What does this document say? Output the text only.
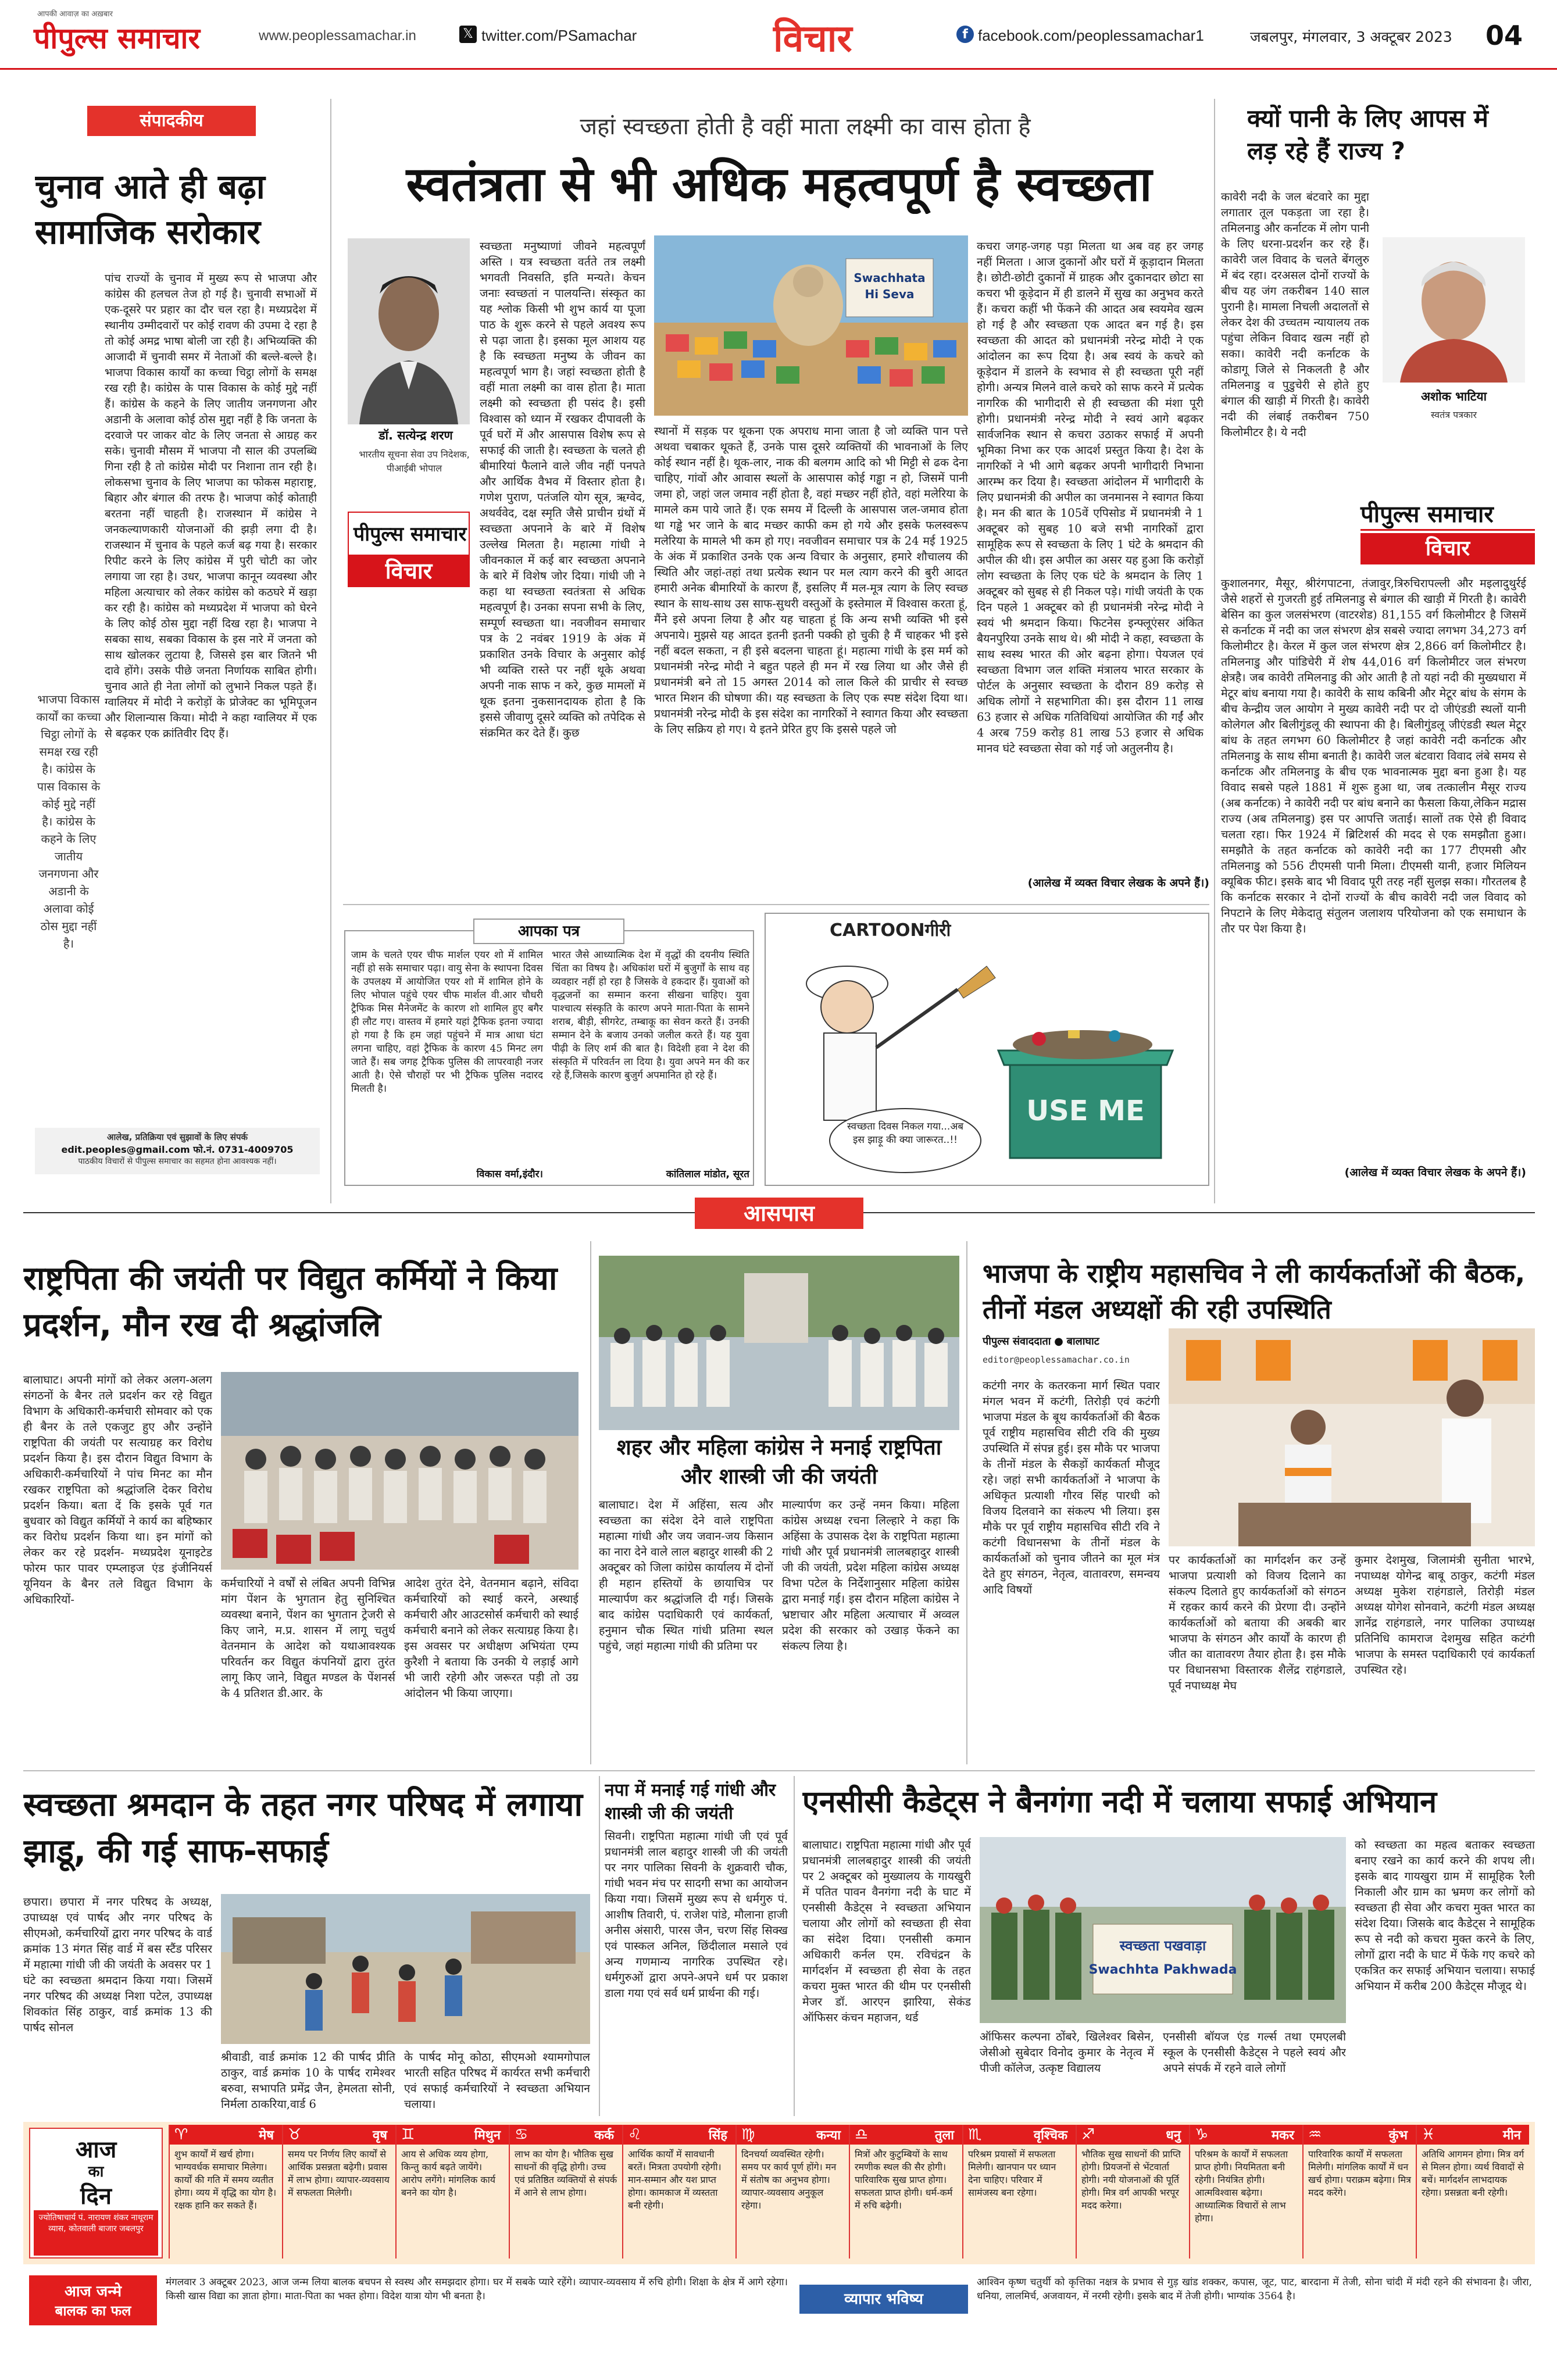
आपकी आवाज़ का अख़बार
पीपुल्स समाचार	www.peoplessamachar.in	𝕏 twitter.com/PSamachar	विचार	f facebook.com/peoplessamachar1	जबलपुर, मंगलवार, 3 अक्टूबर 2023 04
संपादकीय
चुनाव आते ही बढ़ा सामाजिक सरोकार
पांच राज्यों के चुनाव में मुख्य रूप से भाजपा और कांग्रेस की हलचल तेज हो गई है। चुनावी सभाओं में एक-दूसरे पर प्रहार का दौर चल रहा है। मध्यप्रदेश में स्थानीय उम्मीदवारों पर कोई रावण की उपमा दे रहा है तो कोई अमद्र भाषा बोली जा रही है। अभिव्यक्ति की आजादी में चुनावी समर में नेताओं की बल्ले-बल्ले है। भाजपा विकास कार्यों का कच्चा चिट्ठा लोगों के समक्ष रख रही है। कांग्रेस के पास विकास के कोई मुद्दे नहीं हैं। कांग्रेस के कहने के लिए जातीय जनगणना और अडानी के अलावा कोई ठोस मुद्दा नहीं है कि जनता के दरवाजे पर जाकर वोट के लिए जनता से आग्रह कर सके। चुनावी मौसम में भाजपा नौ साल की उपलब्धि गिना रही है तो कांग्रेस मोदी पर निशाना तान रही है। लोकसभा चुनाव के लिए भाजपा का फोकस महाराष्ट्र, बिहार और बंगाल की तरफ है। भाजपा कोई कोताही बरतना नहीं चाहती है। राजस्थान में कांग्रेस ने जनकल्याणकारी योजनाओं की झड़ी लगा दी है। राजस्थान में चुनाव के पहले कर्ज बढ़ गया है। सरकार रिपीट करने के लिए कांग्रेस में पुरी चोटी का जोर लगाया जा रहा है। उधर, भाजपा कानून व्यवस्था और महिला अत्याचार को लेकर कांग्रेस को कठघरे में खड़ा कर रही है। कांग्रेस को मध्यप्रदेश में भाजपा को घेरने के लिए कोई ठोस मुद्दा नहीं दिख रहा है। भाजपा ने सबका साथ, सबका विकास के इस नारे में जनता को साथ खोलकर लुटाया है, जिससे इस बार जितने भी दावे होंगे। उसके पीछे जनता निर्णायक साबित होगी। चुनाव आते ही नेता लोगों को लुभाने निकल पड़ते हैं। ग्वालियर में मोदी ने करोड़ों के प्रोजेक्ट का भूमिपूजन और शिलान्यास किया। मोदी ने कहा ग्वालियर में एक से बढ़कर एक क्रांतिवीर दिए हैं।
भाजपा विकास कार्यों का कच्चा चिट्ठा लोगों के समक्ष रख रही है। कांग्रेस के पास विकास के कोई मुद्दे नहीं है। कांग्रेस के कहने के लिए जातीय जनगणना और अडानी के अलावा कोई ठोस मुद्दा नहीं है।
आलेख, प्रतिक्रिया एवं सुझावों के लिए संपर्क
edit.peoples@gmail.com फो.नं. 0731-4009705
पाठकीय विचारों से पीपुल्स समाचार का सहमत होना आवश्यक नहीं।
जहां स्वच्छता होती है वहीं माता लक्ष्मी का वास होता है
स्वतंत्रता से भी अधिक महत्वपूर्ण है स्वच्छता
डॉ. सत्येन्द्र शरण
भारतीय सूचना सेवा उप निदेशक, पीआईबी भोपाल
स्वच्छता मनुष्याणां जीवने महत्वपूर्णं अस्ति । यत्र स्वच्छता वर्तते तत्र लक्ष्मी भगवती निवसति, इति मन्यते। केचन जनाः स्वच्छतां न पालयन्ति। संस्कृत का यह श्लोक किसी भी शुभ कार्य या पूजा पाठ के शुरू करने से पहले अवश्य रूप से पढ़ा जाता है। इसका मूल आशय यह है कि स्वच्छता मनुष्य के जीवन का महत्वपूर्ण भाग है। जहां स्वच्छता होती है वहीं माता लक्ष्मी का वास होता है। माता लक्ष्मी को स्वच्छता ही पसंद है। इसी विश्वास को ध्यान में रखकर दीपावली के पूर्व घरों में और आसपास विशेष रूप से सफाई की जाती है। स्वच्छता के चलते ही बीमारियां फैलाने वाले जीव नहीं पनपते और आर्थिक वैभव में विस्तार होता है। गणेश पुराण, पतंजलि योग सूत्र, ऋग्वेद, अथर्ववेद, दक्ष स्मृति जैसे प्राचीन ग्रंथों में स्वच्छता अपनाने के बारे में विशेष उल्लेख मिलता है। महात्मा गांधी ने जीवनकाल में कई बार स्वच्छता अपनाने के बारे में विशेष जोर दिया। गांधी जी ने कहा था स्वच्छता स्वतंत्रता से अधिक महत्वपूर्ण है। उनका सपना सभी के लिए, सम्पूर्ण स्वच्छता था। नवजीवन समाचार पत्र के 2 नवंबर 1919 के अंक में प्रकाशित उनके विचार के अनुसार कोई भी व्यक्ति रास्ते पर नहीं थूके अथवा अपनी नाक साफ न करे, कुछ मामलों में थूक इतना नुकसानदायक होता है कि इससे जीवाणु दूसरे व्यक्ति को तपेदिक से संक्रमित कर देते हैं। कुछ
पीपुल्स समाचार
विचार
Swachhata
Hi Seva
स्थानों में सड़क पर थूकना एक अपराध माना जाता है जो व्यक्ति पान पत्ते अथवा चबाकर थूकते हैं, उनके पास दूसरे व्यक्तियों की भावनाओं के लिए कोई स्थान नहीं है। थूक-लार, नाक की बलगम आदि को भी मिट्टी से ढक देना चाहिए, गांवों और आवास स्थलों के आसपास कोई गड्ढा न हो, जिसमें पानी जमा हो, जहां जल जमाव नहीं होता है, वहां मच्छर नहीं होते, वहां मलेरिया के मामले कम पाये जाते हैं। एक समय में दिल्ली के आसपास जल-जमाव होता था गड्ढे भर जाने के बाद मच्छर काफी कम हो गये और इसके फलस्वरूप मलेरिया के मामले भी कम हो गए। नवजीवन समाचार पत्र के 24 मई 1925 के अंक में प्रकाशित उनके एक अन्य विचार के अनुसार, हमारे शौचालय की स्थिति और जहां-तहां तथा प्रत्येक स्थान पर मल त्याग करने की बुरी आदत हमारी अनेक बीमारियों के कारण हैं, इसलिए मैं मल-मूत्र त्याग के लिए स्वच्छ स्थान के साथ-साथ उस साफ-सुथरी वस्तुओं के इस्तेमाल में विश्वास करता हूं, मैंने इसे अपना लिया है और यह चाहता हूं कि अन्य सभी व्यक्ति भी इसे अपनाये। मुझसे यह आदत इतनी इतनी पक्की हो चुकी है मैं चाहकर भी इसे नहीं बदल सकता, न ही इसे बदलना चाहता हूं। महात्मा गांधी के इस मर्म को प्रधानमंत्री नरेन्द्र मोदी ने बहुत पहले ही मन में रख लिया था और जैसे ही प्रधानमंत्री बने तो 15 अगस्त 2014 को लाल किले की प्राचीर से स्वच्छ भारत मिशन की घोषणा की। यह स्वच्छता के लिए एक स्पष्ट संदेश दिया था। प्रधानमंत्री नरेन्द्र मोदी के इस संदेश का नागरिकों ने स्वागत किया और स्वच्छता के लिए सक्रिय हो गए। ये इतने प्रेरित हुए कि इससे पहले जो
कचरा जगह-जगह पड़ा मिलता था अब वह हर जगह नहीं मिलता । आज दुकानों और घरों में कूड़ादान मिलता है। छोटी-छोटी दुकानों में ग्राहक और दुकानदार छोटा सा कचरा भी कूड़ेदान में ही डालने में सुख का अनुभव करते हैं। कचरा कहीं भी फेंकने की आदत अब स्वयमेव खत्म हो गई है और स्वच्छता एक आदत बन गई है। इस स्वच्छता की आदत को प्रधानमंत्री नरेन्द्र मोदी ने एक आंदोलन का रूप दिया है। अब स्वयं के कचरे को कूड़ेदान में डालने के स्वभाव से ही स्वच्छता पूरी नहीं होगी। अन्यत्र मिलने वाले कचरे को साफ करने में प्रत्येक नागरिक की भागीदारी से ही स्वच्छता की मंशा पूरी होगी। प्रधानमंत्री नरेन्द्र मोदी ने स्वयं आगे बढ़कर सार्वजनिक स्थान से कचरा उठाकर सफाई में अपनी भूमिका निभा कर एक आदर्श प्रस्तुत किया है। देश के नागरिकों ने भी आगे बढ़कर अपनी भागीदारी निभाना आरम्भ कर दिया है। स्वच्छता आंदोलन में भागीदारी के लिए प्रधानमंत्री की अपील का जनमानस ने स्वागत किया है। मन की बात के 105वें एपिसोड में प्रधानमंत्री ने 1 अक्टूबर को सुबह 10 बजे सभी नागरिकों द्वारा सामूहिक रूप से स्वच्छता के लिए 1 घंटे के श्रमदान की अपील की थी। इस अपील का असर यह हुआ कि करोड़ों लोग स्वच्छता के लिए एक घंटे के श्रमदान के लिए 1 अक्टूबर को सुबह से ही निकल पड़े। गांधी जयंती के एक दिन पहले 1 अक्टूबर को ही प्रधानमंत्री नरेन्द्र मोदी ने स्वयं भी श्रमदान किया। फिटनेस इन्फ्लूएंसर अंकित बैयनपुरिया उनके साथ थे। श्री मोदी ने कहा, स्वच्छता के साथ स्वस्थ भारत की ओर बढ़ना होगा। पेयजल एवं स्वच्छता विभाग जल शक्ति मंत्रालय भारत सरकार के पोर्टल के अनुसार स्वच्छता के दौरान 89 करोड़ से अधिक लोगों ने सहभागिता की। इस दौरान 11 लाख 63 हजार से अधिक गतिविधियां आयोजित की गईं और 4 अरब 759 करोड़ 81 लाख 53 हजार से अधिक मानव घंटे स्वच्छता सेवा को गई जो अतुलनीय है।
(आलेख में व्यक्त विचार लेखक के अपने हैं।)
क्यों पानी के लिए आपस में लड़ रहे हैं राज्य ?
कावेरी नदी के जल बंटवारे का मुद्दा लगातार तूल पकड़ता जा रहा है। तमिलनाडु और कर्नाटक में लोग पानी के लिए धरना-प्रदर्शन कर रहे हैं। कावेरी जल विवाद के चलते बेंगलुरु में बंद रहा। दरअसल दोनों राज्यों के बीच यह जंग तकरीबन 140 साल पुरानी है। मामला निचली अदालतों से लेकर देश की उच्चतम न्यायालय तक पहुंचा लेकिन विवाद खत्म नहीं हो सका। कावेरी नदी कर्नाटक के कोडागू जिले से निकलती है और तमिलनाडु व पुडुचेरी से होते हुए बंगाल की खाड़ी में गिरती है। कावेरी नदी की लंबाई तकरीबन 750 किलोमीटर है। ये नदी
अशोक भाटिया
स्वतंत्र पत्रकार
पीपुल्स समाचार
विचार
कुशालनगर, मैसूर, श्रीरंगपाटना, तंजावुर,त्रिरुचिरापल्ली और मइलादुथुर्रई जैसे शहरों से गुजरती हुई तमिलनाडु से बंगाल की खाड़ी में गिरती है। कावेरी बेसिन का कुल जलसंभरण (वाटरशेड) 81,155 वर्ग किलोमीटर है जिसमें से कर्नाटक में नदी का जल संभरण क्षेत्र सबसे ज्यादा लगभग 34,273 वर्ग किलोमीटर है। केरल में कुल जल संभरण क्षेत्र 2,866 वर्ग किलोमीटर है। तमिलनाडु और पांडिचेरी में शेष 44,016 वर्ग किलोमीटर जल संभरण क्षेत्रहै। जब कावेरी तमिलनाडु की ओर आती है तो यहां नदी की मुख्यधारा में मेटूर बांध बनाया गया है। कावेरी के साथ कबिनी और मेटूर बांध के संगम के बीच केन्द्रीय जल आयोग ने मुख्य कावेरी नदी पर दो जीएंडडी स्थलों यानी कोलेगल और बिलीगुंडलू की स्थापना की है। बिलीगुंडलू जीएंडडी स्थल मेटूर बांध के तहत लगभग 60 किलोमीटर है जहां कावेरी नदी कर्नाटक और तमिलनाडु के साथ सीमा बनाती है। कावेरी जल बंटवारा विवाद लंबे समय से कर्नाटक और तमिलनाडु के बीच एक भावनात्मक मुद्दा बना हुआ है। यह विवाद सबसे पहले 1881 में शुरू हुआ था, जब तत्कालीन मैसूर राज्य (अब कर्नाटक) ने कावेरी नदी पर बांध बनाने का फैसला किया,लेकिन मद्रास राज्य (अब तमिलनाडु) इस पर आपत्ति जताई। सालों तक ऐसे ही विवाद चलता रहा। फिर 1924 में ब्रिटिशर्स की मदद से एक समझौता हुआ। समझौते के तहत कर्नाटक को कावेरी नदी का 177 टीएमसी और तमिलनाडु को 556 टीएमसी पानी मिला। टीएमसी यानी, हजार मिलियन क्यूबिक फीट। इसके बाद भी विवाद पूरी तरह नहीं सुलझ सका। गौरतलब है कि कर्नाटक सरकार ने दोनों राज्यों के बीच कावेरी नदी जल विवाद को निपटाने के लिए मेकेदातु संतुलन जलाशय परियोजना को एक समाधान के तौर पर पेश किया है।
(आलेख में व्यक्त विचार लेखक के अपने हैं।)
आपका पत्र
जाम के चलते एयर चीफ मार्शल एयर शो में शामिल नहीं हो सके समाचार पढ़ा। वायु सेना के स्थापना दिवस के उपलक्ष्य में आयोजित एयर शो में शामिल होने के लिए भोपाल पहुंचे एयर चीफ मार्शल वी.आर चौधरी ट्रैफिक मिस मैनेजमेंट के कारण शो शामिल हुए बगैर ही लौट गए। वास्तव में हमारे यहां ट्रैफिक इतना ज्यादा हो गया है कि हम जहां पहुंचने में मात्र आधा घंटा लगना चाहिए, वहां ट्रैफिक के कारण 45 मिनट लग जाते हैं। सब जगह ट्रैफिक पुलिस की लापरवाही नजर आती है। ऐसे चौराहों पर भी ट्रैफिक पुलिस नदारद मिलती है।
विकास वर्मा,इंदौर।
भारत जैसे आध्यात्मिक देश में वृद्धों की दयनीय स्थिति चिंता का विषय है। अधिकांश घरों में बुजुर्गों के साथ वह व्यवहार नहीं हो रहा है जिसके वे हकदार हैं। युवाओं को वृद्धजनों का सम्मान करना सीखना चाहिए। युवा पाश्चात्य संस्कृति के कारण अपने माता-पिता के सामने शराब, बीड़ी, सीगरेट, तम्बाकू का सेवन करते हैं। उनकी सम्मान देने के बजाय उनको जलील करते हैं। यह युवा पीढ़ी के लिए शर्म की बात है। विदेशी हवा ने देश की संस्कृति में परिवर्तन ला दिया है। युवा अपने मन की कर रहे हैं,जिसके कारण बुजुर्ग अपमानित हो रहे हैं।
कांतिलाल मांडोत, सूरत
CARTOONगीरी
USE ME
स्वच्छता दिवस निकल गया...अब इस झाड़ू की क्या जारूरत..!!
आसपास
राष्ट्रपिता की जयंती पर विद्युत कर्मियों ने किया प्रदर्शन, मौन रख दी श्रद्धांजलि
बालाघाट। अपनी मांगों को लेकर अलग-अलग संगठनों के बैनर तले प्रदर्शन कर रहे विद्युत विभाग के अधिकारी-कर्मचारी सोमवार को एक ही बैनर के तले एकजुट हुए और उन्होंने राष्ट्रपिता की जयंती पर सत्याग्रह कर विरोध प्रदर्शन किया है। इस दौरान विद्युत विभाग के अधिकारी-कर्मचारियों ने पांच मिनट का मौन रखकर राष्ट्रपिता को श्रद्धांजलि देकर विरोध प्रदर्शन किया। बता दें कि इसके पूर्व गत बुधवार को विद्युत कर्मियों ने कार्य का बहिष्कार कर विरोध प्रदर्शन किया था। इन मांगों को लेकर कर रहे प्रदर्शन- मध्यप्रदेश यूनाइटेड फोरम फार पावर एम्प्लाइज एंड इंजीनियर्स यूनियन के बैनर तले विद्युत विभाग के अधिकारियों-
कर्मचारियों ने वर्षों से लंबित अपनी विभिन्न मांग पेंशन के भुगतान हेतु सुनिश्चित व्यवस्था बनाने, पेंशन का भुगतान ट्रेजरी से किए जाने, म.प्र. शासन में लागू चतुर्थ वेतनमान के आदेश को यथाआवश्यक परिवर्तन कर विद्युत कंपनियों द्वारा तुरंत लागू किए जाने, विद्युत मण्डल के पेंशनर्स के 4 प्रतिशत डी.आर. के
आदेश तुरंत देने, वेतनमान बढ़ाने, संविदा कर्मचारियों को स्थाई करने, अस्थाई कर्मचारी और आउटसोर्स कर्मचारी को स्थाई कर्मचारी बनाने को लेकर सत्याग्रह किया है। इस अवसर पर अधीक्षण अभियंता एम्प कुरैशी ने बताया कि उनकी ये लड़ाई आगे भी जारी रहेगी और जरूरत पड़ी तो उग्र आंदोलन भी किया जाएगा।
शहर और महिला कांग्रेस ने मनाई राष्ट्रपिता और शास्त्री जी की जयंती
बालाघाट। देश में अहिंसा, सत्य और स्वच्छता का संदेश देने वाले राष्ट्रपिता महात्मा गांधी और जय जवान-जय किसान का नारा देने वाले लाल बहादुर शास्त्री की 2 अक्टूबर को जिला कांग्रेस कार्यालय में दोनों ही महान हस्तियों के छायाचित्र पर माल्यार्पण कर श्रद्धांजलि दी गई। जिसके बाद कांग्रेस पदाधिकारी एवं कार्यकर्ता, हनुमान चौक स्थित गांधी प्रतिमा स्थल पहुंचे, जहां महात्मा गांधी की प्रतिमा पर
माल्यार्पण कर उन्हें नमन किया। महिला कांग्रेस अध्यक्ष रचना लिल्हारे ने कहा कि अहिंसा के उपासक देश के राष्ट्रपिता महात्मा गांधी और पूर्व प्रधानमंत्री लालबहादुर शास्त्री जी की जयंती, प्रदेश महिला कांग्रेस अध्यक्ष विभा पटेल के निर्देशानुसार महिला कांग्रेस द्वारा मनाई गई। इस दौरान महिला कांग्रेस ने भ्रष्टाचार और महिला अत्याचार में अव्वल प्रदेश की सरकार को उखाड़ फेंकने का संकल्प लिया है।
भाजपा के राष्ट्रीय महासचिव ने ली कार्यकर्ताओं की बैठक, तीनों मंडल अध्यक्षों की रही उपस्थिति
पीपुल्स संवाददाता ● बालाघाट
editor@peoplessamachar.co.in
कटंगी नगर के कतरकना मार्ग स्थित पवार मंगल भवन में कटंगी, तिरोड़ी एवं कटंगी भाजपा मंडल के बूथ कार्यकर्ताओं की बैठक पूर्व राष्ट्रीय महासचिव सीटी रवि की मुख्य उपस्थिति में संपन्न हुई। इस मौके पर भाजपा के तीनों मंडल के सैकड़ों कार्यकर्ता मौजूद रहे। जहां सभी कार्यकर्ताओं ने भाजपा के अधिकृत प्रत्याशी गौरव सिंह पारधी को विजय दिलवाने का संकल्प भी लिया। इस मौके पर पूर्व राष्ट्रीय महासचिव सीटी रवि ने कटंगी विधानसभा के तीनों मंडल के कार्यकर्ताओं को चुनाव जीतने का मूल मंत्र देते हुए संगठन, नेतृत्व, वातावरण, समन्वय आदि विषयों
पर कार्यकर्ताओं का मार्गदर्शन कर उन्हें भाजपा प्रत्याशी को विजय दिलाने का संकल्प दिलाते हुए कार्यकर्ताओं को संगठन में रहकर कार्य करने की प्रेरणा दी। उन्होंने कार्यकर्ताओं को बताया की अबकी बार भाजपा के संगठन और कार्यों के कारण ही जीत का वातावरण तैयार होता है। इस मौके पर विधानसभा विस्तारक शैलेंद्र राहंगडाले, पूर्व नपाध्यक्ष मेघ
कुमार देशमुख, जिलामंत्री सुनीता भारभे, नपाध्यक्ष योगेन्द्र बाबू ठाकुर, कटंगी मंडल अध्यक्ष मुकेश राहंगडाले, तिरोड़ी मंडल अध्यक्ष योगेश सोनवाने, कटंगी मंडल अध्यक्ष ज्ञानेंद्र राहंगडाले, नगर पालिका उपाध्यक्ष प्रतिनिधि कामराज देशमुख सहित कटंगी भाजपा के समस्त पदाधिकारी एवं कार्यकर्ता उपस्थित रहे।
स्वच्छता श्रमदान के तहत नगर परिषद में लगाया झाडू, की गई साफ-सफाई
छपारा। छपारा में नगर परिषद के अध्यक्ष, उपाध्यक्ष एवं पार्षद और नगर परिषद के सीएमओ, कर्मचारियों द्वारा नगर परिषद के वार्ड क्रमांक 13 मंगत सिंह वार्ड में बस स्टैंड परिसर में महात्मा गांधी जी की जयंती के अवसर पर 1 घंटे का स्वच्छता श्रमदान किया गया। जिसमें नगर परिषद की अध्यक्ष निशा पटेल, उपाध्यक्ष शिवकांत सिंह ठाकुर, वार्ड क्रमांक 13 की पार्षद सोनल
श्रीवाडी, वार्ड क्रमांक 12 की पार्षद प्रीति ठाकुर, वार्ड क्रमांक 10 के पार्षद रामेश्वर बरुवा, सभापति प्रमेंद्र जैन, हेमलता सोनी, निर्मला ठाकरिया,वार्ड 6
के पार्षद मोनू कोठा, सीएमओ श्यामगोपाल भारती सहित परिषद में कार्यरत सभी कर्मचारी एवं सफाई कर्मचारियों ने स्वच्छता अभियान चलाया।
नपा में मनाई गई गांधी और शास्त्री जी की जयंती
सिवनी। राष्ट्रपिता महात्मा गांधी जी एवं पूर्व प्रधानमंत्री लाल बहादुर शास्त्री जी की जयंती पर नगर पालिका सिवनी के शुक्रवारी चौक, गांधी भवन मंच पर सादगी सभा का आयोजन किया गया। जिसमें मुख्य रूप से धर्मगुरु पं. आशीष तिवारी, पं. राजेश पांडे, मौलाना हाजी अनीस अंसारी, पारस जैन, चरण सिंह सिक्ख एवं पास्कल अनिल, छिंदीलाल मसाले एवं अन्य गणमान्य नागरिक उपस्थित रहे। धर्मगुरुओं द्वारा अपने-अपने धर्म पर प्रकाश डाला गया एवं सर्व धर्म प्रार्थना की गई।
एनसीसी कैडेट्स ने बैनगंगा नदी में चलाया सफाई अभियान
बालाघाट। राष्ट्रपिता महात्मा गांधी और पूर्व प्रधानमंत्री लालबहादुर शास्त्री की जयंती पर 2 अक्टूबर को मुख्यालय के गायखुरी में पतित पावन वैनगंगा नदी के घाट में एनसीसी कैडेट्स ने स्वच्छता अभियान चलाया और लोगों को स्वच्छता ही सेवा का संदेश दिया। एनसीसी कमान अधिकारी कर्नल एम. रविचंद्रन के मार्गदर्शन में स्वच्छता ही सेवा के तहत कचरा मुक्त भारत की थीम पर एनसीसी मेजर डॉ. आरएन झारिया, सेकंड ऑफिसर कंचन महाजन, थर्ड
स्वच्छता पखवाड़ा
Swachhta Pakhwada
ऑफिसर कल्पना ठोंबरे, खिलेश्वर बिसेन, जेसीओ सुबेदार विनोद कुमार के नेतृत्व में पीजी कॉलेज, उत्कृष्ट विद्यालय
एनसीसी बॉयज एंड गर्ल्स तथा एमएलबी स्कूल के एनसीसी कैडेट्स ने पहले स्वयं और अपने संपर्क में रहने वाले लोगों
को स्वच्छता का महत्व बताकर स्वच्छता बनाए रखने का कार्य करने की शपथ ली। इसके बाद गायखुरा ग्राम में सामूहिक रैली निकाली और ग्राम का भ्रमण कर लोगों को स्वच्छता ही सेवा और कचरा मुक्त भारत का संदेश दिया। जिसके बाद कैडेट्स ने सामूहिक रूप से नदी को कचरा मुक्त करने के लिए, लोगों द्वारा नदी के घाट में फेंके गए कचरे को एकत्रित कर सफाई अभियान चलाया। सफाई अभियान में करीब 200 कैडेट्स मौजूद थे।
आज
का
दिन
ज्योतिषाचार्य पं. नारायण शंकर नाथूराम व्यास, कोतवाली बाजार जबलपुर
♈	मेष
शुभ कार्यों में खर्च होगा। भाग्यवर्धक समाचार मिलेगा। कार्यों की गति में समय व्यतीत होगा। व्यय में वृद्धि का योग है। रक्षक हानि कर सकते हैं।
♉	वृष
समय पर निर्णय लिए कार्यों से आर्थिक प्रसन्नता बढ़ेगी। प्रवास में लाभ होगा। व्यापार-व्यवसाय में सफलता मिलेगी।
♊	मिथुन
आय से अधिक व्यय होगा, किन्तु कार्य बढ़ते जायेंगे। आरोप लगेंगे। मांगलिक कार्य बनने का योग है।
♋	कर्क
लाभ का योग है। भौतिक सुख साधनों की वृद्धि होगी। उच्च एवं प्रतिष्ठित व्यक्तियों से संपर्क में आने से लाभ होगा।
♌	सिंह
आर्थिक कार्यों में सावधानी बरतें। मित्रता उपयोगी रहेगी। मान-सम्मान और यश प्राप्त होगा। कामकाज में व्यस्तता बनी रहेगी।
♍	कन्या
दिनचर्या व्यवस्थित रहेगी। समय पर कार्य पूर्ण होंगे। मन में संतोष का अनुभव होगा। व्यापार-व्यवसाय अनुकूल रहेगा।
♎	तुला
मित्रों और कुटुम्बियों के साथ रमणीक स्थल की सैर होगी। पारिवारिक सुख प्राप्त होगा। सफलता प्राप्त होगी। धर्म-कर्म में रुचि बढ़ेगी।
♏	वृश्चिक
परिश्रम प्रयासों में सफलता मिलेगी। खानपान पर ध्यान देना चाहिए। परिवार में सामंजस्य बना रहेगा।
♐	धनु
भौतिक सुख साधनों की प्राप्ति होगी। प्रियजनों से भेंटवार्ता होगी। नयी योजनाओं की पूर्ति होगी। मित्र वर्ग आपकी भरपूर मदद करेगा।
♑	मकर
परिश्रम के कार्यों में सफलता प्राप्त होगी। नियमितता बनी रहेगी। नियंत्रित होगी। आत्मविश्वास बढ़ेगा। आध्यात्मिक विचारों से लाभ होगा।
♒	कुंभ
पारिवारिक कार्यों में सफलता मिलेगी। मांगलिक कार्यों में धन खर्च होगा। पराक्रम बढ़ेगा। मित्र मदद करेंगे।
♓	मीन
अतिथि आगमन होगा। मित्र वर्ग से मिलन होगा। व्यर्थ विवादों से बचें। मार्गदर्शन लाभदायक रहेगा। प्रसन्नता बनी रहेगी।
आज जन्मे
बालक का फल
मंगलवार 3 अक्टूबर 2023, आज जन्म लिया बालक बचपन से स्वस्थ और समझदार होगा। घर में सबके प्यारे रहेंगे। व्यापार-व्यवसाय में रुचि होगी। शिक्षा के क्षेत्र में आगे रहेगा। किसी खास विद्या का ज्ञाता होगा। माता-पिता का भक्त होगा। विदेश यात्रा योग भी बनता है।	व्यापार भविष्य
आश्विन कृष्ण चतुर्थी को कृत्तिका नक्षत्र के प्रभाव से गुड़ खांड शक्कर, कपास, जूट, पाट, बारदाना में तेजी, सोना चांदी में मंदी रहने की संभावना है। जीरा, धनिया, लालमिर्च, अजवायन, में नरमी रहेगी। इसके बाद में तेजी होगी। भाग्यांक 3564 है।
